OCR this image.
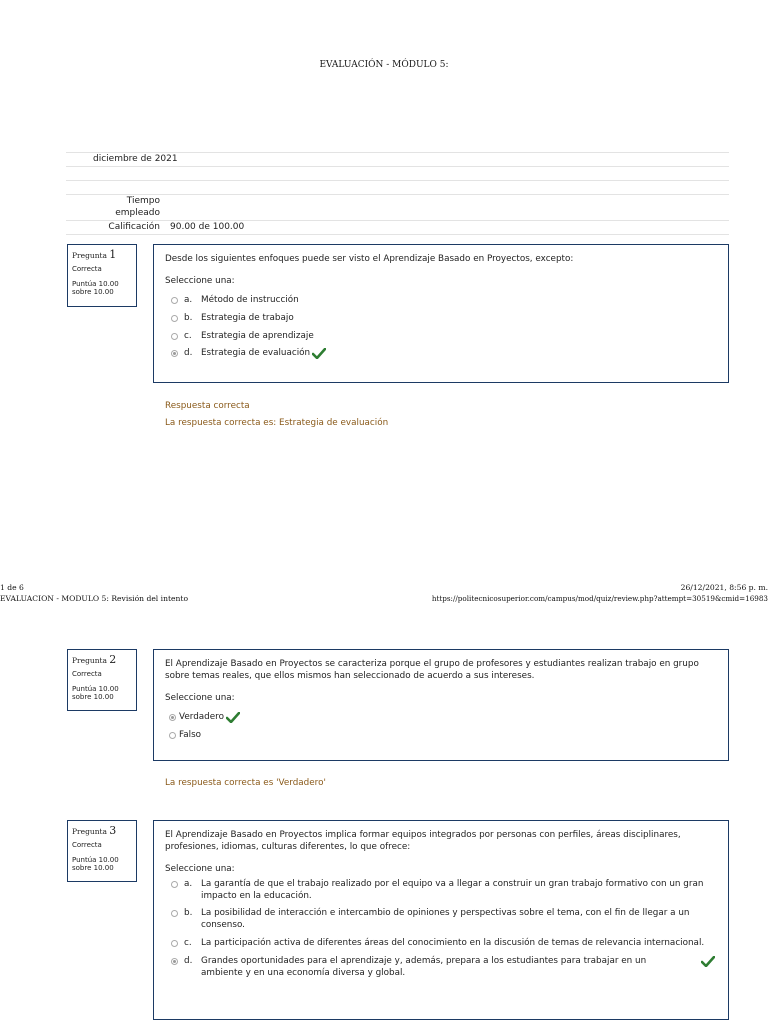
EVALUACIÓN - MÓDULO 5:
diciembre de 2021
Tiempo
empleado
Calificación 90.00 de 100.00
Pregunta 1
Correcta
Puntúa 10.00
sobre 10.00
Desde los siguientes enfoques puede ser visto el Aprendizaje Basado en Proyectos, excepto:
Seleccione una:
a.	Método de instrucción
b. Estrategia de trabajo
c.	Estrategia de aprendizaje
d. Estrategia de evaluación
Respuesta correcta
La respuesta correcta es: Estrategia de evaluación
1 de 6
EVALUACION - MODULO 5: Revisión del intento
26/12/2021, 8:56 p. m.
https://politecnicosuperior.com/campus/mod/quiz/review.php?attempt=30519&cmid=16983
Pregunta 2
Correcta
Puntúa 10.00
sobre 10.00
El Aprendizaje Basado en Proyectos se caracteriza porque el grupo de profesores y estudiantes realizan trabajo en grupo sobre temas reales, que ellos mismos han seleccionado de acuerdo a sus intereses.
Seleccione una:
Verdadero
Falso
La respuesta correcta es 'Verdadero'
Pregunta 3
Correcta
Puntúa 10.00
sobre 10.00
El Aprendizaje Basado en Proyectos implica formar equipos integrados por personas con perfiles, áreas disciplinares, profesiones, idiomas, culturas diferentes, lo que ofrece:
Seleccione una:
a.	La garantía de que el trabajo realizado por el equipo va a llegar a construir un gran trabajo formativo con un gran impacto en la educación.
b. La posibilidad de interacción e intercambio de opiniones y perspectivas sobre el tema, con el fin de llegar a un consenso.
c.	La participación activa de diferentes áreas del conocimiento en la discusión de temas de relevancia internacional.
d. Grandes oportunidades para el aprendizaje y, además, prepara a los estudiantes para trabajar en un ambiente y en una economía diversa y global.
